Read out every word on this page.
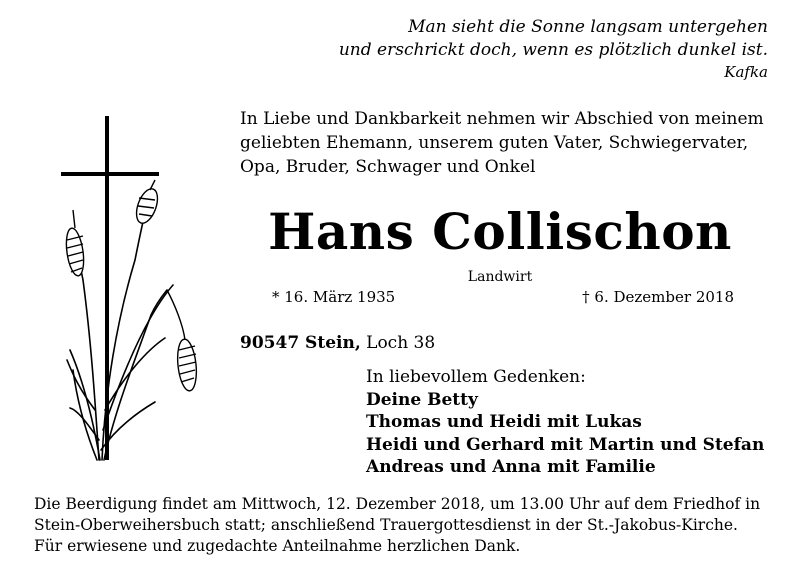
Man sieht die Sonne langsam untergehen
und erschrickt doch, wenn es plötzlich dunkel ist.
Kafka
In Liebe und Dankbarkeit nehmen wir Abschied von meinem
geliebten Ehemann, unserem guten Vater, Schwiegervater,
Opa, Bruder, Schwager und Onkel
Hans Collischon
Landwirt
* 16. März 1935	† 6. Dezember 2018
90547 Stein, Loch 38
In liebevollem Gedenken:
Deine Betty
Thomas und Heidi mit Lukas
Heidi und Gerhard mit Martin und Stefan
Andreas und Anna mit Familie
Die Beerdigung findet am Mittwoch, 12. Dezember 2018, um 13.00 Uhr auf dem Friedhof in
Stein-Oberweihersbuch statt; anschließend Trauergottesdienst in der St.-Jakobus-Kirche.
Für erwiesene und zugedachte Anteilnahme herzlichen Dank.
